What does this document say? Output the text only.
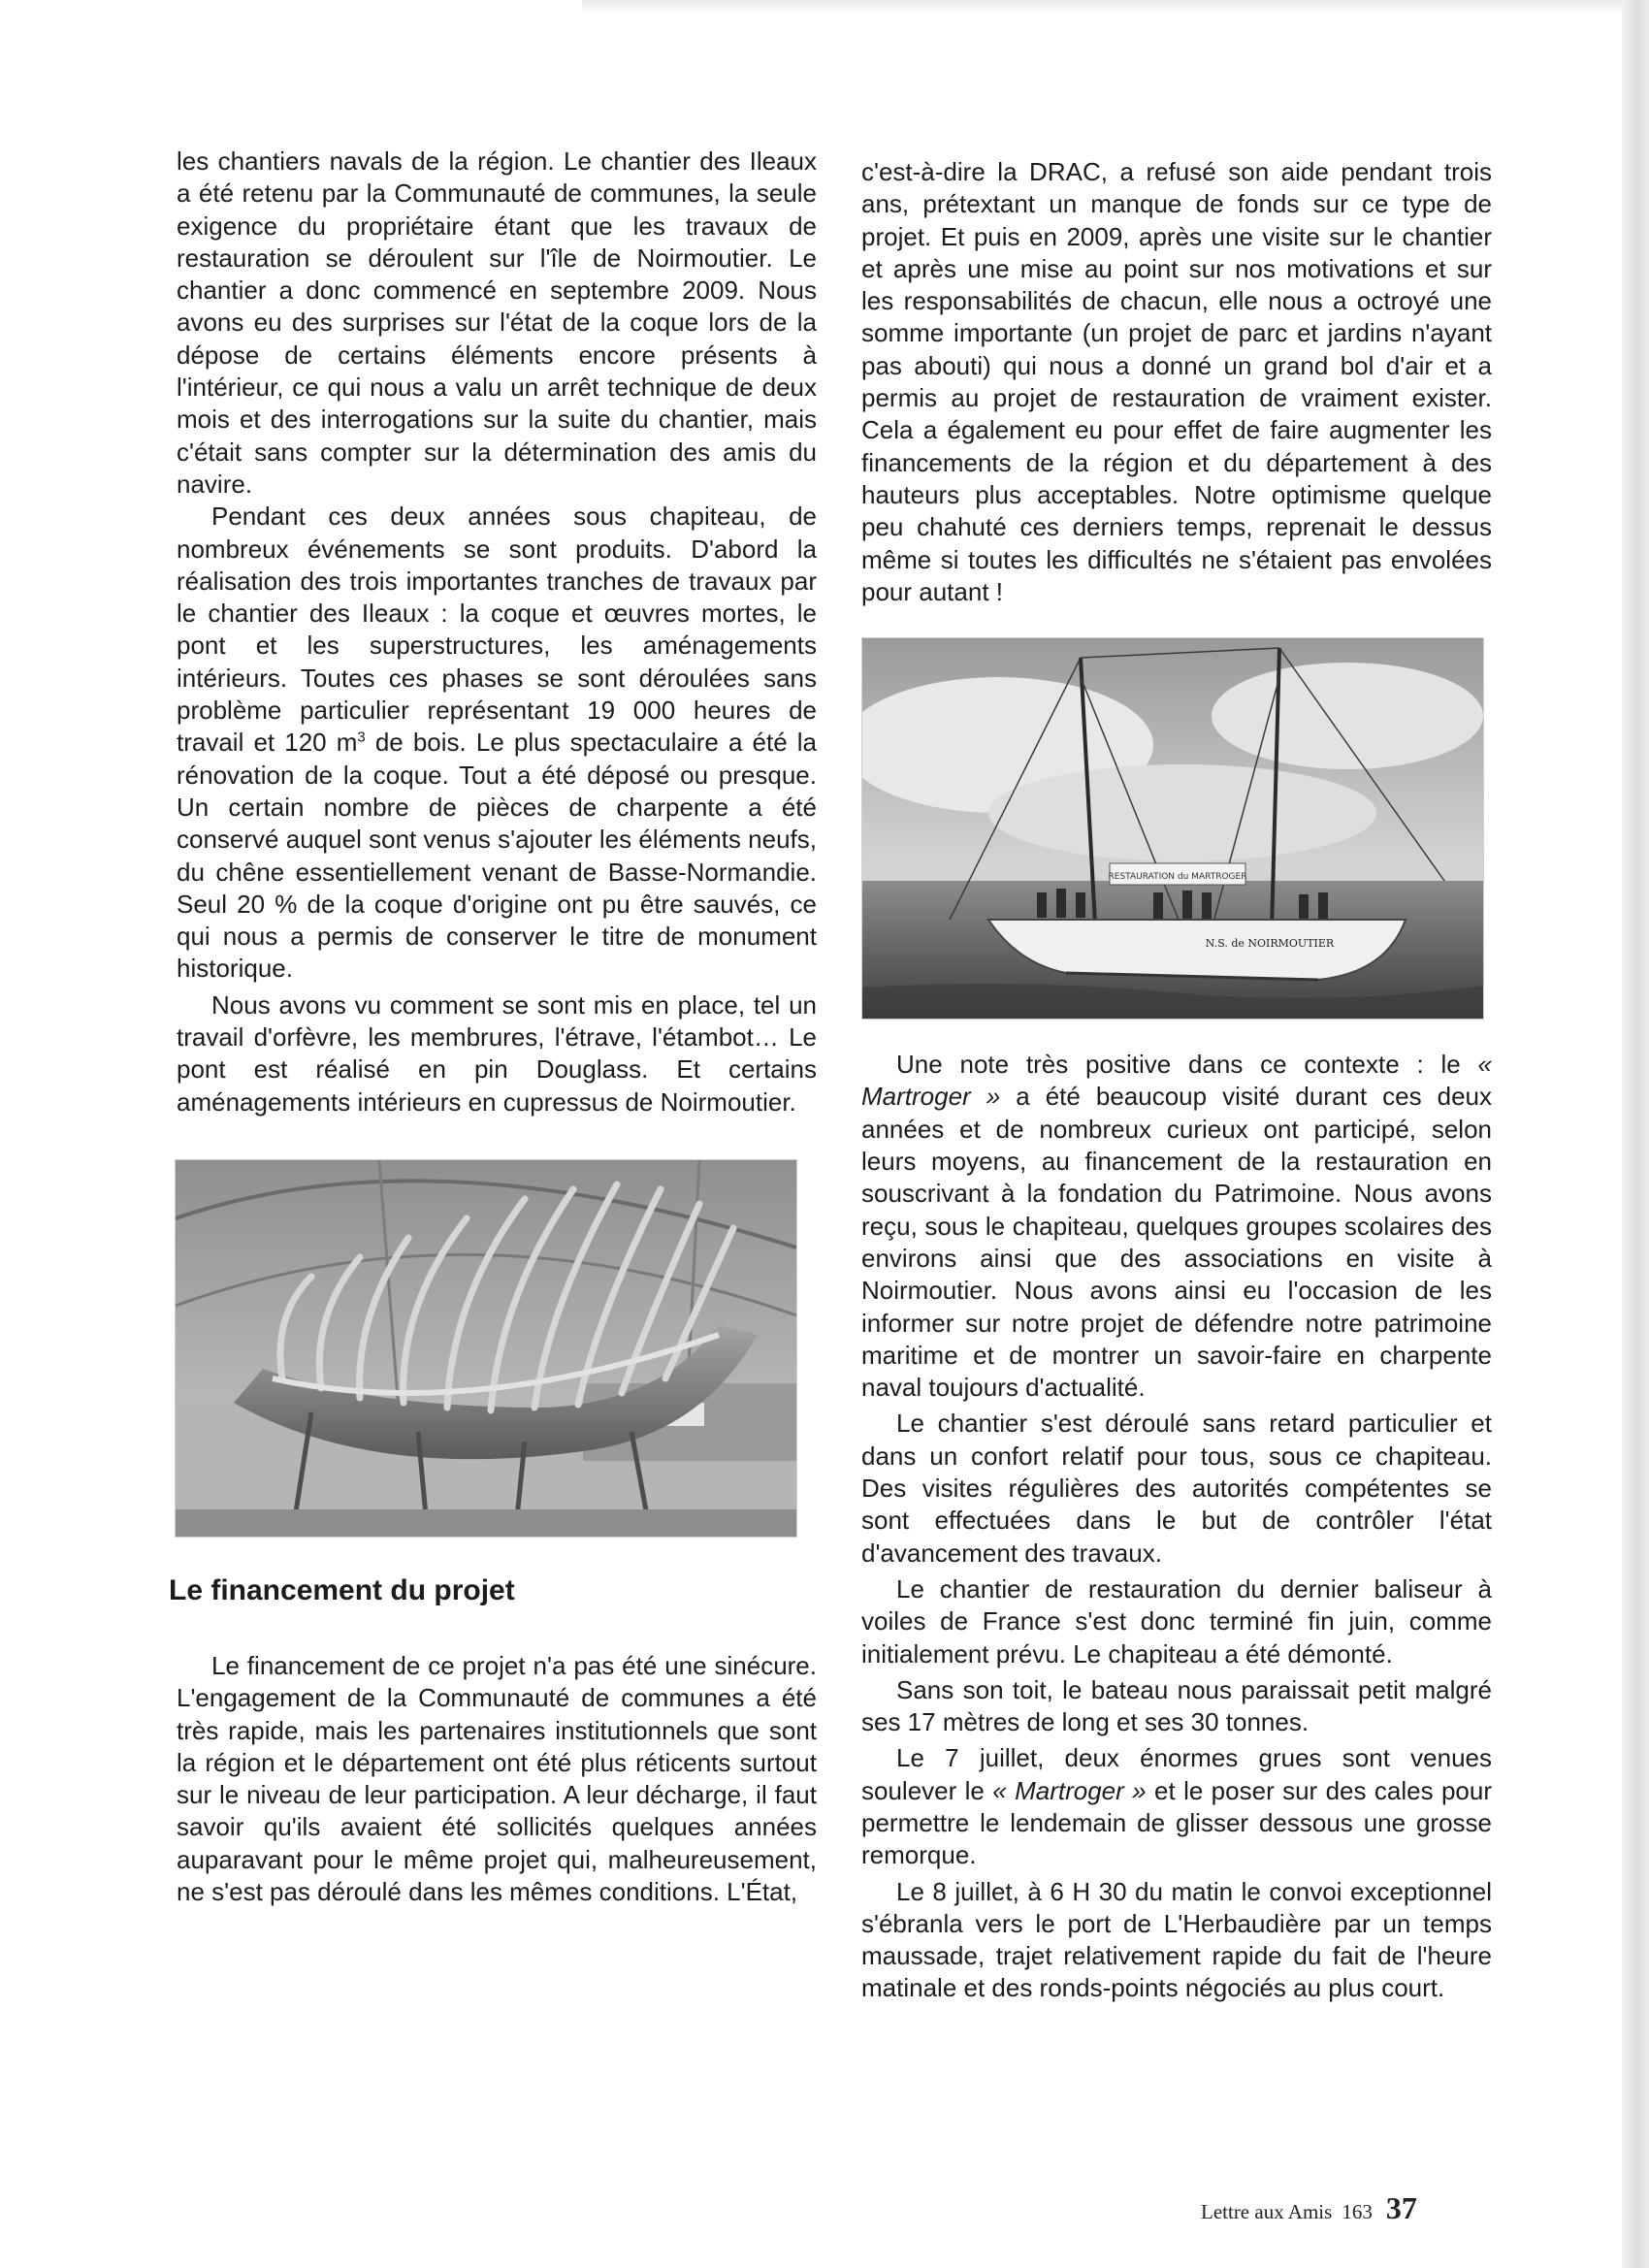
les chantiers navals de la région. Le chantier des Ileaux a été retenu par la Communauté de communes, la seule exigence du propriétaire étant que les travaux de restauration se déroulent sur l'île de Noirmoutier. Le chantier a donc commencé en septembre 2009. Nous avons eu des surprises sur l'état de la coque lors de la dépose de certains éléments encore présents à l'intérieur, ce qui nous a valu un arrêt technique de deux mois et des interrogations sur la suite du chantier, mais c'était sans compter sur la détermination des amis du navire.

Pendant ces deux années sous chapiteau, de nombreux événements se sont produits. D'abord la réalisation des trois importantes tranches de travaux par le chantier des Ileaux : la coque et œuvres mortes, le pont et les superstructures, les aménagements intérieurs. Toutes ces phases se sont déroulées sans problème particulier représentant 19 000 heures de travail et 120 $m^3$ de bois. Le plus spectaculaire a été la rénovation de la coque. Tout a été déposé ou presque. Un certain nombre de pièces de charpente a été conservé auquel sont venus s'ajouter les éléments neufs, du chêne essentiellement venant de Basse-Normandie. Seul 20 % de la coque d'origine ont pu être sauvés, ce qui nous a permis de conserver le titre de monument historique.

Nous avons vu comment se sont mis en place, tel un travail d'orfèvre, les membrures, l'étrave, l'étambot… Le pont est réalisé en pin Douglass. Et certains aménagements intérieurs en cupressus de Noirmoutier.

Le financement du projet

Le financement de ce projet n'a pas été une sinécure. L'engagement de la Communauté de communes a été très rapide, mais les partenaires institutionnels que sont la région et le département ont été plus réticents surtout sur le niveau de leur participation. A leur décharge, il faut savoir qu'ils avaient été sollicités quelques années auparavant pour le même projet qui, malheureusement, ne s'est pas déroulé dans les mêmes conditions. L'État,

c'est-à-dire la DRAC, a refusé son aide pendant trois ans, prétextant un manque de fonds sur ce type de projet. Et puis en 2009, après une visite sur le chantier et après une mise au point sur nos motivations et sur les responsabilités de chacun, elle nous a octroyé une somme importante (un projet de parc et jardins n'ayant pas abouti) qui nous a donné un grand bol d'air et a permis au projet de restauration de vraiment exister. Cela a également eu pour effet de faire augmenter les financements de la région et du département à des hauteurs plus acceptables. Notre optimisme quelque peu chahuté ces derniers temps, reprenait le dessus même si toutes les difficultés ne s'étaient pas envolées pour autant !

RESTAURATION du MARTROGER
N.S. de NOIRMOUTIER

Une note très positive dans ce contexte : le « Martroger » a été beaucoup visité durant ces deux années et de nombreux curieux ont participé, selon leurs moyens, au financement de la restauration en souscrivant à la fondation du Patrimoine. Nous avons reçu, sous le chapiteau, quelques groupes scolaires des environs ainsi que des associations en visite à Noirmoutier. Nous avons ainsi eu l'occasion de les informer sur notre projet de défendre notre patrimoine maritime et de montrer un savoir-faire en charpente naval toujours d'actualité.

Le chantier s'est déroulé sans retard particulier et dans un confort relatif pour tous, sous ce chapiteau. Des visites régulières des autorités compétentes se sont effectuées dans le but de contrôler l'état d'avancement des travaux.

Le chantier de restauration du dernier baliseur à voiles de France s'est donc terminé fin juin, comme initialement prévu. Le chapiteau a été démonté.

Sans son toit, le bateau nous paraissait petit malgré ses 17 mètres de long et ses 30 tonnes.

Le 7 juillet, deux énormes grues sont venues soulever le « Martroger » et le poser sur des cales pour permettre le lendemain de glisser dessous une grosse remorque.

Le 8 juillet, à 6 H 30 du matin le convoi exceptionnel s'ébranla vers le port de L'Herbaudière par un temps maussade, trajet relativement rapide du fait de l'heure matinale et des ronds-points négociés au plus court.

Lettre aux Amis 163 37
